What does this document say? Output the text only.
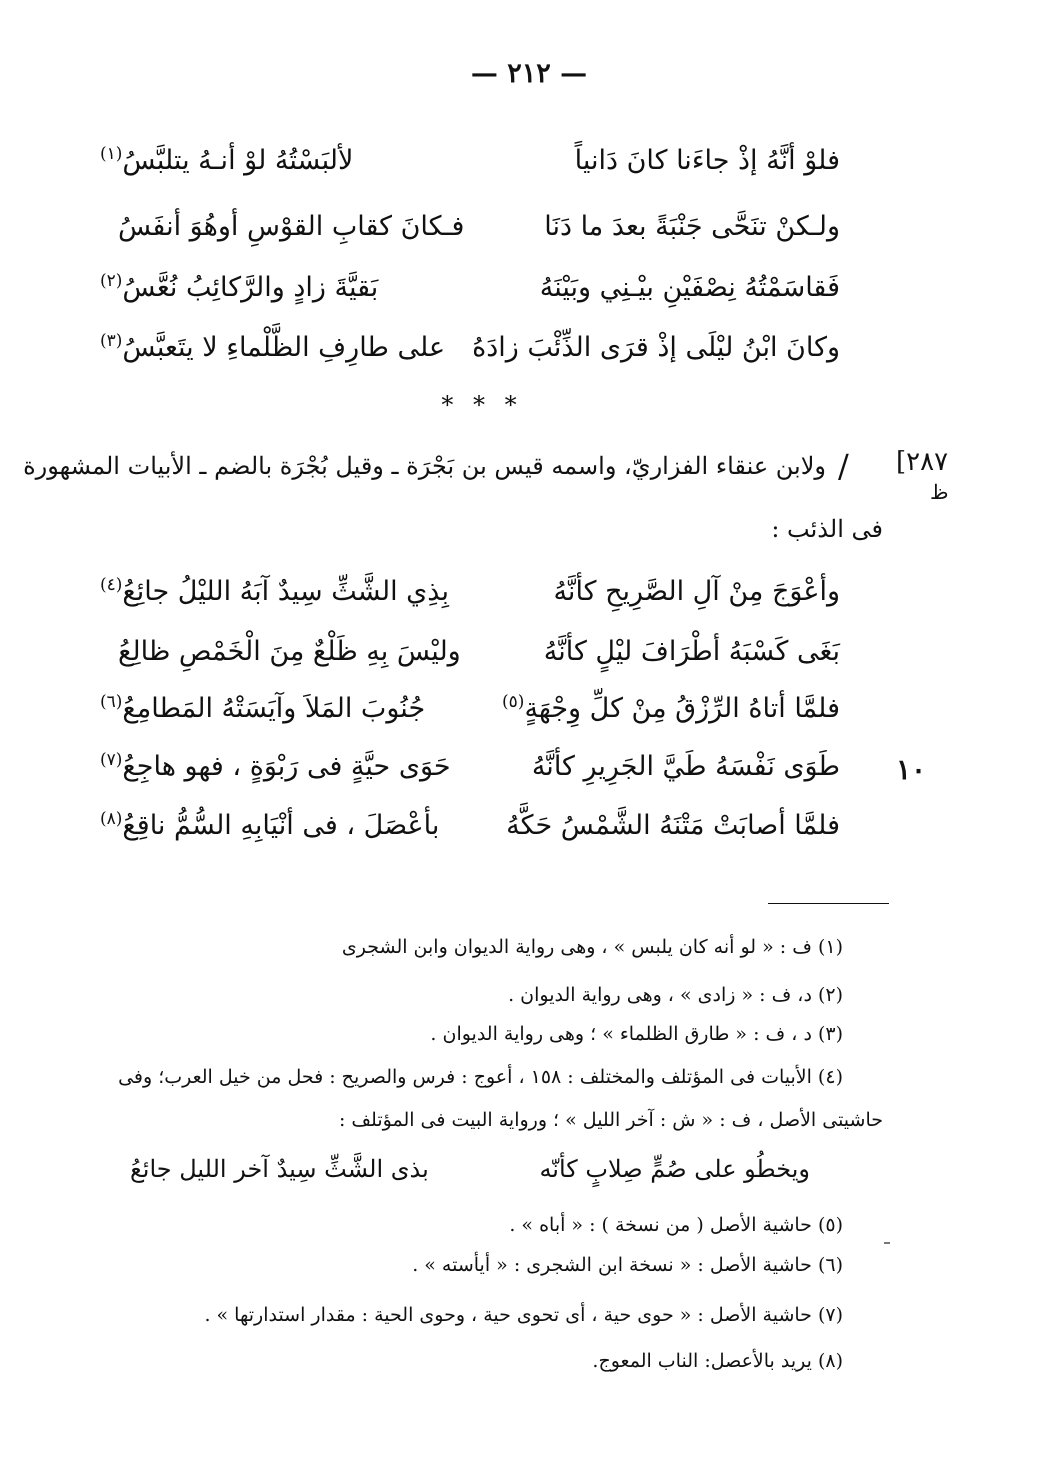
— ٢١٢ —
فلوْ أنَّهُ إذْ جاءَنا كانَ دَانياً
لألبَسْتُهُ لوْ أنـهُ يتلبَّسُ$^{(١)}$
ولـكنْ تنَحَّى جَنْبَةً بعدَ ما دَنَا
فـكانَ كقابِ القوْسِ أوهُوَ أنفَسُ
فَقاسَمْتُهُ نِصْفَيْنِ بيْـنِي وبَيْنَهُ
بَقيَّةَ زادٍ والرَّكائِبُ نُعَّسُ$^{(٢)}$
وكانَ ابْنُ ليْلَى إذْ قرَى الذِّئْبَ زادَهُ
على طارِفِ الظَّلْماءِ لا يتَعبَّسُ$^{(٣)}$
* * *
[٢٨٧
ظ
/
ولابن عنقاء الفزاريّ، واسمه قيس بن بَجْرَة ـ وقيل بُجْرَة بالضم ـ الأبيات المشهورة
فى الذئب :
وأعْوَجَ مِنْ آلِ الصَّرِيحِ كأنَّهُ
بِذِي الشَّثِّ سِيدٌ آبَهُ الليْلُ جائِعُ$^{(٤)}$
بَغَى كَسْبَهُ أطْرَافَ ليْلٍ كأنَّهُ
وليْسَ بِهِ ظَلْعٌ مِنَ الْخَمْصِ ظالِعُ
فلمَّا أتاهُ الرِّزْقُ مِنْ كلِّ وِجْهَةٍ$^{(٥)}$
جُنُوبَ المَلاَ وآيَسَتْهُ المَطامِعُ$^{(٦)}$
١٠
طَوَى نَفْسَهُ طَيَّ الجَرِيرِ كأنَّهُ
حَوَى حيَّةٍ فى رَبْوَةٍ ، فهو هاجِعُ$^{(٧)}$
فلمَّا أصابَتْ مَتْنَهُ الشَّمْسُ حَكَّهُ
بأعْصَلَ ، فى أنْيَابِهِ السُّمُّ ناقِعُ$^{(٨)}$
(١) ف : « لو أنه كان يلبس » ، وهى رواية الديوان وابن الشجرى
(٢) د، ف : « زادى » ، وهى رواية الديوان .
(٣) د ، ف : « طارق الظلماء » ؛ وهى رواية الديوان .
(٤) الأبيات فى المؤتلف والمختلف : ١٥٨ ، أعوج : فرس والصريح : فحل من خيل العرب؛ وفى
حاشيتى الأصل ، ف : « ش : آخر الليل » ؛ ورواية البيت فى المؤتلف :
ويخطُو على صُمٍّ صِلابٍ كأنّه
بذى الشَّثِّ سِيدٌ آخر الليل جائعُ
(٥) حاشية الأصل ( من نسخة ) : « أباه » .
(٦) حاشية الأصل : « نسخة ابن الشجرى : « أيأسته » .
(٧) حاشية الأصل : « حوى حية ، أى تحوى حية ، وحوى الحية : مقدار استدارتها » .
(٨) يريد بالأعصل: الناب المعوج.
